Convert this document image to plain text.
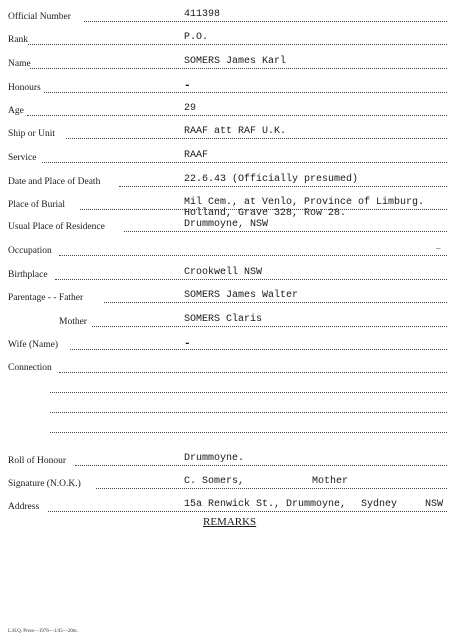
Official Number
Rank
Name
Honours
Age
Ship or Unit
Service
Date and Place of Death
Place of Burial
Usual Place of Residence
Occupation
Birthplace
Parentage - - Father
Mother
Wife (Name)
Connection
Roll of Honour
Signature (N.O.K.)
Address
411398
P.O.
SOMERS James Karl
-
29
RAAF att RAF U.K.
RAAF
22.6.43 (Officially presumed)
Mil Cem., at Venlo, Province of Limburg.
Holland, Grave 328, Row 28.
Drummoyne, NSW
Crookwell NSW
SOMERS James Walter
SOMERS Claris
-
Drummoyne.
C. Somers,	Mother
15a Renwick St., Drummoyne, Sydney	NSW
_
REMARKS
L.H.Q. Press—1976—1/45—20m.
